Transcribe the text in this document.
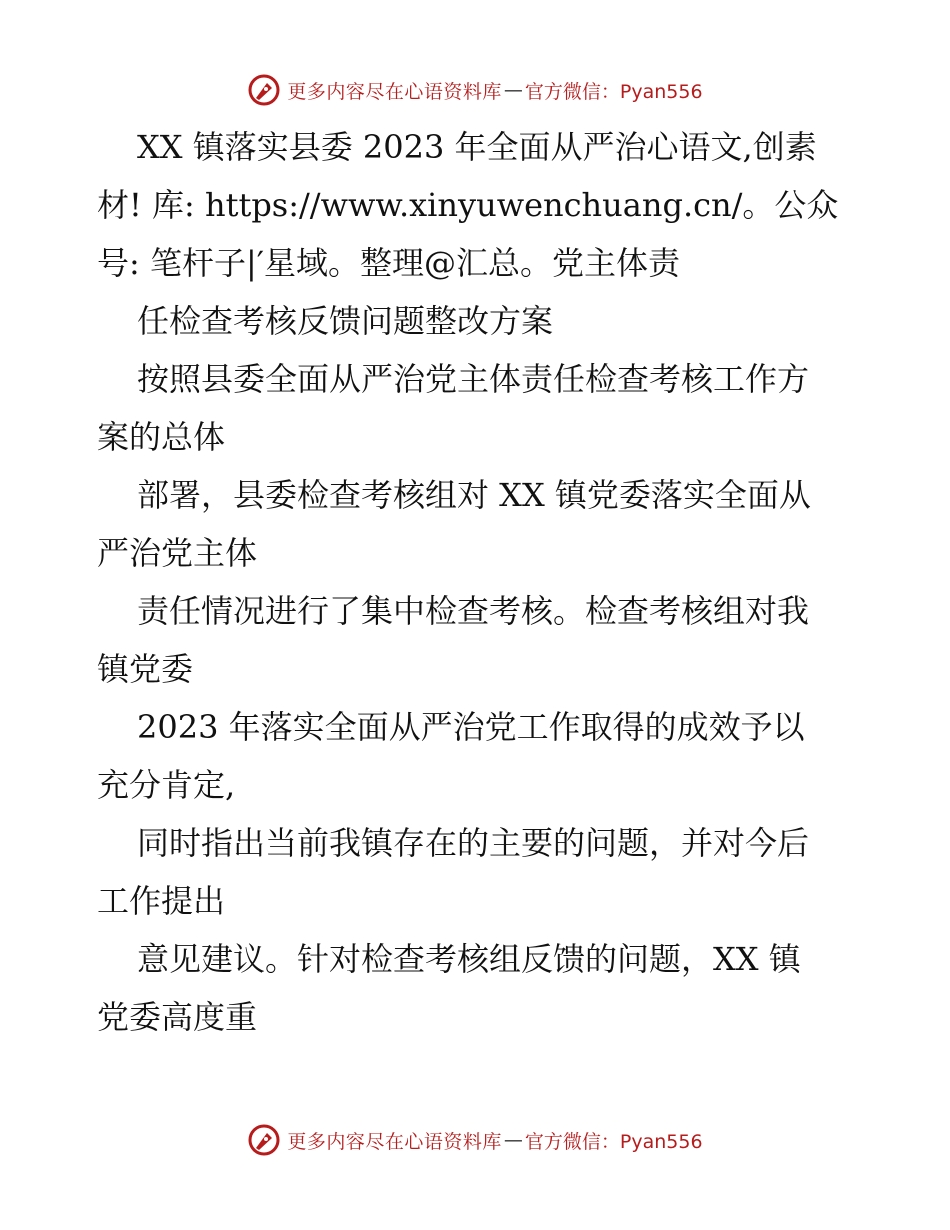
更多内容尽在心语资料库 — 官方微信：Pyan556
XX 镇落实县委 2023 年全面从严治心语文,创素
材! 库: https://www.xinyuwenchuang.cn/。公众
号: 笔杆子|′星域。整理@汇总。党主体责
任检查考核反馈问题整改方案
按照县委全面从严治党主体责任检查考核工作方
案的总体
部署，县委检查考核组对 XX 镇党委落实全面从
严治党主体
责任情况进行了集中检查考核。检查考核组对我
镇党委
2023 年落实全面从严治党工作取得的成效予以
充分肯定,
同时指出当前我镇存在的主要的问题，并对今后
工作提出
意见建议。针对检查考核组反馈的问题，XX 镇
党委高度重
更多内容尽在心语资料库 — 官方微信：Pyan556
